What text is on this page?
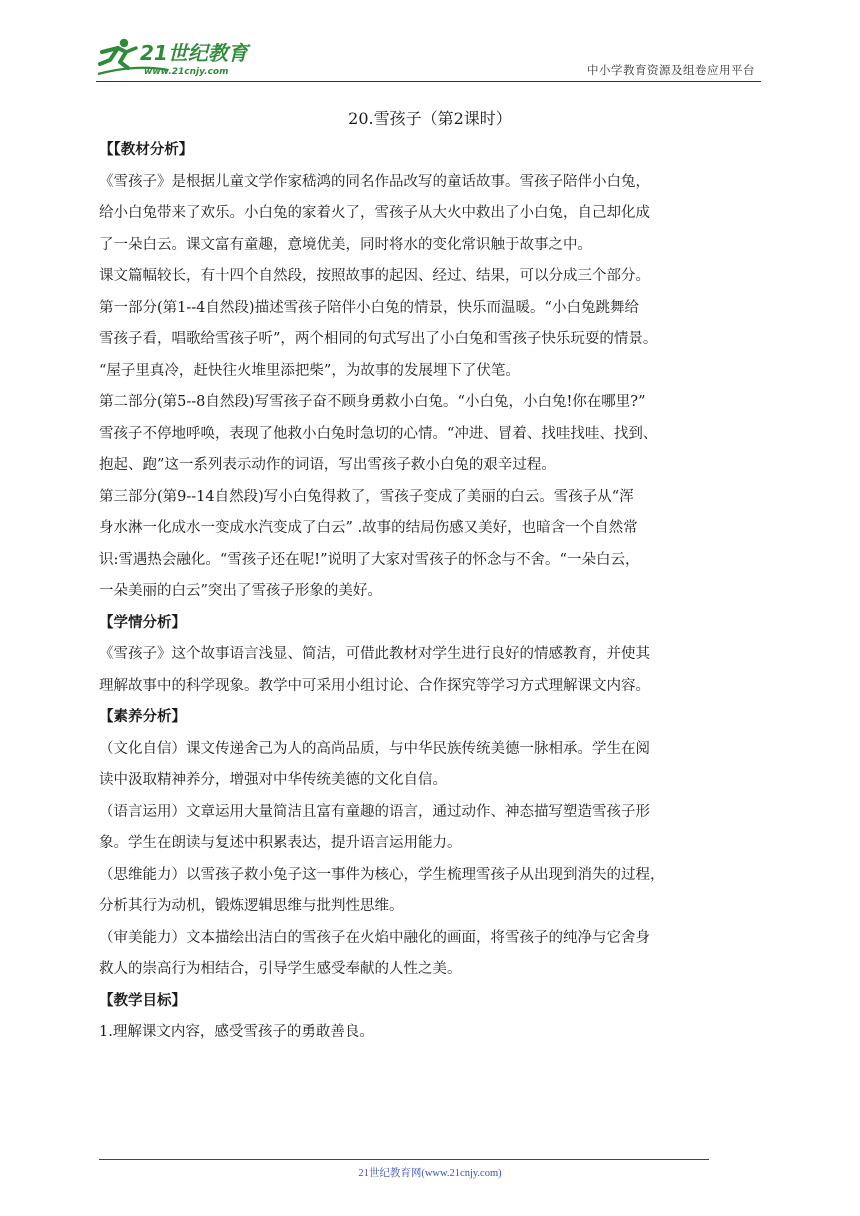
21世纪教育
www.21cnjy.com	中小学教育资源及组卷应用平台
20.雪孩子（第2课时）
【【教材分析】

《雪孩子》是根据儿童文学作家嵇鸿的同名作品改写的童话故事。雪孩子陪伴小白兔，
给小白兔带来了欢乐。小白兔的家着火了，雪孩子从大火中救出了小白兔，自己却化成
了一朵白云。课文富有童趣，意境优美，同时将水的变化常识触于故事之中。

课文篇幅较长，有十四个自然段，按照故事的起因、经过、结果，可以分成三个部分。

第一部分(第1--4自然段)描述雪孩子陪伴小白兔的情景，快乐而温暖。“小白兔跳舞给
雪孩子看，唱歌给雪孩子听”，两个相同的句式写出了小白兔和雪孩子快乐玩耍的情景。
“屋子里真冷，赶快往火堆里添把柴”，为故事的发展埋下了伏笔。

第二部分(第5--8自然段)写雪孩子奋不顾身勇救小白兔。“小白兔，小白兔!你在哪里?”
雪孩子不停地呼唤，表现了他救小白兔时急切的心情。“冲进、冒着、找哇找哇、找到、
抱起、跑”这一系列表示动作的词语，写出雪孩子救小白兔的艰辛过程。

第三部分(第9--14自然段)写小白兔得救了，雪孩子变成了美丽的白云。雪孩子从“浑
身水淋一化成水一变成水汽变成了白云” .故事的结局伤感又美好，也暗含一个自然常
识:雪遇热会融化。“雪孩子还在呢!”说明了大家对雪孩子的怀念与不舍。“一朵白云，
一朵美丽的白云”突出了雪孩子形象的美好。

【学情分析】

《雪孩子》这个故事语言浅显、简洁，可借此教材对学生进行良好的情感教育，并使其
理解故事中的科学现象。教学中可采用小组讨论、合作探究等学习方式理解课文内容。

【素养分析】

（文化自信）课文传递舍己为人的高尚品质，与中华民族传统美德一脉相承。学生在阅
读中汲取精神养分，增强对中华传统美德的文化自信。

（语言运用）文章运用大量简洁且富有童趣的语言，通过动作、神态描写塑造雪孩子形
象。学生在朗读与复述中积累表达，提升语言运用能力。

（思维能力）以雪孩子救小兔子这一事件为核心，学生梳理雪孩子从出现到消失的过程，
分析其行为动机，锻炼逻辑思维与批判性思维。

（审美能力）文本描绘出洁白的雪孩子在火焰中融化的画面，将雪孩子的纯净与它舍身
救人的崇高行为相结合，引导学生感受奉献的人性之美。

【教学目标】

1.理解课文内容，感受雪孩子的勇敢善良。

21世纪教育网(www.21cnjy.com)
